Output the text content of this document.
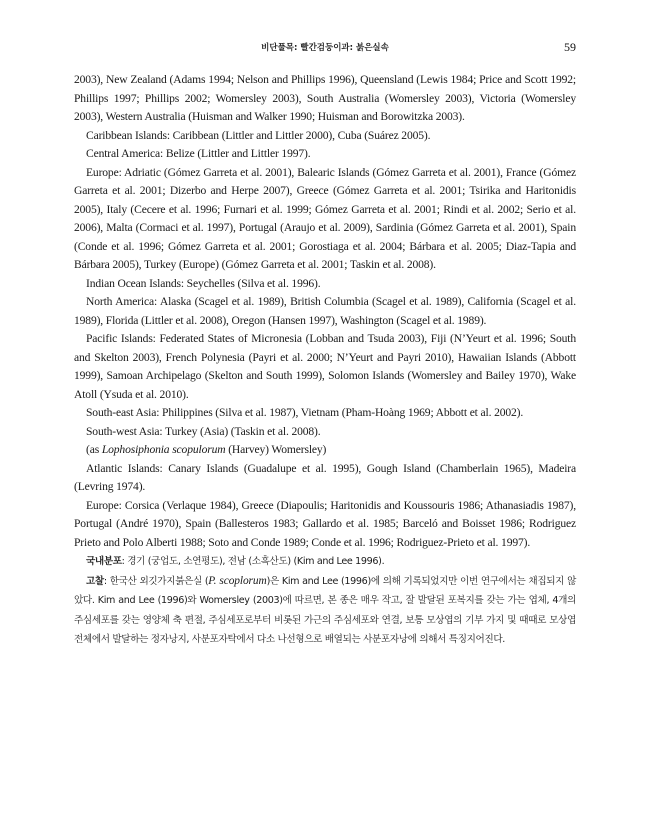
비단풀목: 빨간검둥이과: 붉은실속	59

2003), New Zealand (Adams 1994; Nelson and Phillips 1996), Queensland (Lewis 1984; Price and Scott 1992; Phillips 1997; Phillips 2002; Womersley 2003), South Australia (Womersley 2003), Victoria (Womersley 2003), Western Australia (Huisman and Walker 1990; Huisman and Borowitzka 2003).

Caribbean Islands: Caribbean (Littler and Littler 2000), Cuba (Suárez 2005).

Central America: Belize (Littler and Littler 1997).

Europe: Adriatic (Gómez Garreta et al. 2001), Balearic Islands (Gómez Garreta et al. 2001), France (Gómez Garreta et al. 2001; Dizerbo and Herpe 2007), Greece (Gómez Garreta et al. 2001; Tsirika and Haritonidis 2005), Italy (Cecere et al. 1996; Furnari et al. 1999; Gómez Garreta et al. 2001; Rindi et al. 2002; Serio et al. 2006), Malta (Cormaci et al. 1997), Portugal (Araujo et al. 2009), Sardinia (Gómez Garreta et al. 2001), Spain (Conde et al. 1996; Gómez Garreta et al. 2001; Gorostiaga et al. 2004; Bárbara et al. 2005; Diaz-Tapia and Bárbara 2005), Turkey (Europe) (Gómez Garreta et al. 2001; Taskin et al. 2008).

Indian Ocean Islands: Seychelles (Silva et al. 1996).

North America: Alaska (Scagel et al. 1989), British Columbia (Scagel et al. 1989), California (Scagel et al. 1989), Florida (Littler et al. 2008), Oregon (Hansen 1997), Washington (Scagel et al. 1989).

Pacific Islands: Federated States of Micronesia (Lobban and Tsuda 2003), Fiji (N’Yeurt et al. 1996; South and Skelton 2003), French Polynesia (Payri et al. 2000; N’Yeurt and Payri 2010), Hawaiian Islands (Abbott 1999), Samoan Archipelago (Skelton and South 1999), Solomon Islands (Womersley and Bailey 1970), Wake Atoll (Ysuda et al. 2010).

South-east Asia: Philippines (Silva et al. 1987), Vietnam (Pham-Hoàng 1969; Abbott et al. 2002).

South-west Asia: Turkey (Asia) (Taskin et al. 2008).

(as Lophosiphonia scopulorum (Harvey) Womersley)

Atlantic Islands: Canary Islands (Guadalupe et al. 1995), Gough Island (Chamberlain 1965), Madeira (Levring 1974).

Europe: Corsica (Verlaque 1984), Greece (Diapoulis; Haritonidis and Koussouris 1986; Athanasiadis 1987), Portugal (André 1970), Spain (Ballesteros 1983; Gallardo et al. 1985; Barceló and Boisset 1986; Rodriguez Prieto and Polo Alberti 1988; Soto and Conde 1989; Conde et al. 1996; Rodriguez-Prieto et al. 1997).

국내분포: 경기 (궁업도, 소연평도), 전남 (소흑산도) (Kim and Lee 1996).

고찰: 한국산 외깃가지붉은실 (P. scoplorum)은 Kim and Lee (1996)에 의해 기록되었지만 이번 연구에서는 채집되지 않았다. Kim and Lee (1996)와 Womersley (2003)에 따르면, 본 종은 매우 작고, 잘 발달된 포복지를 갖는 가는 엽체, 4개의 주심세포를 갖는 영양체 축 편절, 주심세포로부터 비롯된 가근의 주심세포와 연결, 보통 모상엽의 기부 가지 및 때때로 모상엽 전체에서 발달하는 정자낭지, 사분포자탁에서 다소 나선형으로 배열되는 사분포자낭에 의해서 특징지어진다.
